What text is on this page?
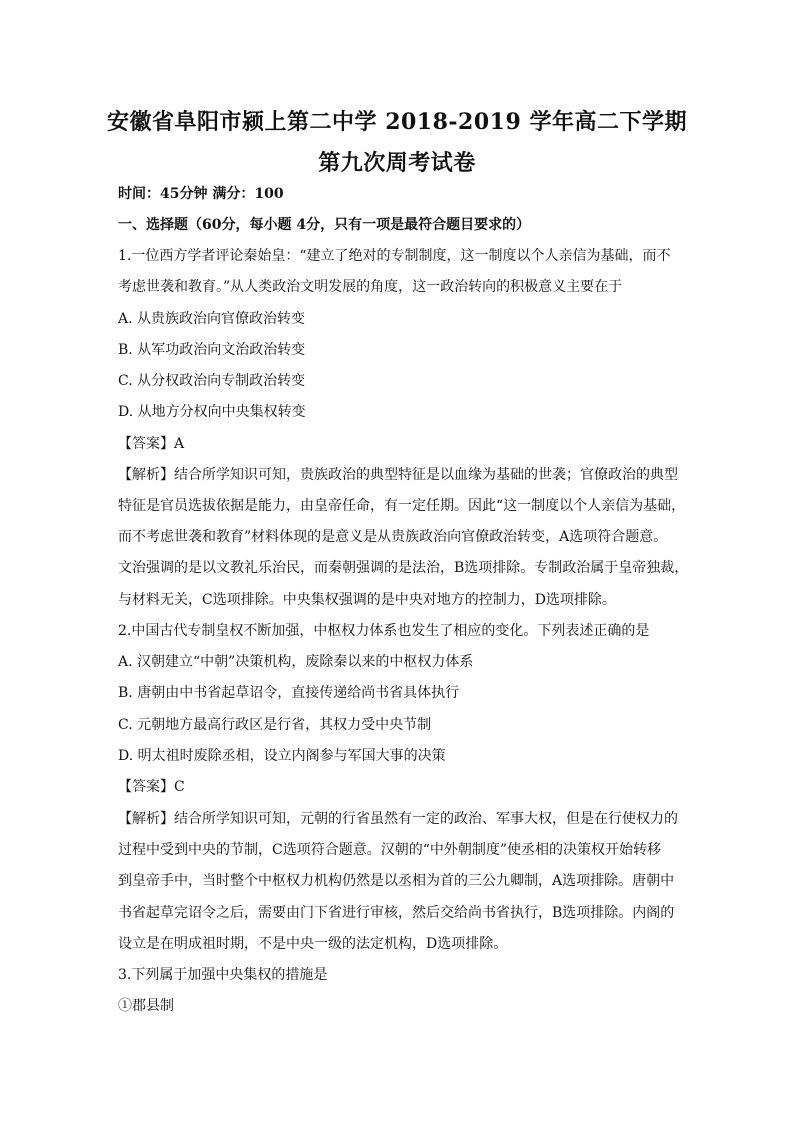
安徽省阜阳市颍上第二中学 2018-2019 学年高二下学期
第九次周考试卷
时间：45分钟 满分：100
一、选择题（60分，每小题 4分，只有一项是最符合题目要求的）
1.一位西方学者评论秦始皇：“建立了绝对的专制制度，这一制度以个人亲信为基础，而不
考虑世袭和教育。”从人类政治文明发展的角度，这一政治转向的积极意义主要在于
A. 从贵族政治向官僚政治转变
B. 从军功政治向文治政治转变
C. 从分权政治向专制政治转变
D. 从地方分权向中央集权转变
【答案】A
【解析】结合所学知识可知，贵族政治的典型特征是以血缘为基础的世袭；官僚政治的典型
特征是官员选拔依据是能力，由皇帝任命，有一定任期。因此“这一制度以个人亲信为基础，
而不考虑世袭和教育”材料体现的是意义是从贵族政治向官僚政治转变，A选项符合题意。
文治强调的是以文教礼乐治民，而秦朝强调的是法治，B选项排除。专制政治属于皇帝独裁，
与材料无关，C选项排除。中央集权强调的是中央对地方的控制力，D选项排除。
2.中国古代专制皇权不断加强，中枢权力体系也发生了相应的变化。下列表述正确的是
A. 汉朝建立“中朝”决策机构，废除秦以来的中枢权力体系
B. 唐朝由中书省起草诏令，直接传递给尚书省具体执行
C. 元朝地方最高行政区是行省，其权力受中央节制
D. 明太祖时废除丞相，设立内阁参与军国大事的决策
【答案】C
【解析】结合所学知识可知，元朝的行省虽然有一定的政治、军事大权，但是在行使权力的
过程中受到中央的节制，C选项符合题意。汉朝的“中外朝制度”使丞相的决策权开始转移
到皇帝手中，当时整个中枢权力机构仍然是以丞相为首的三公九卿制，A选项排除。唐朝中
书省起草完诏令之后，需要由门下省进行审核，然后交给尚书省执行，B选项排除。内阁的
设立是在明成祖时期，不是中央一级的法定机构，D选项排除。
3.下列属于加强中央集权的措施是
①郡县制
